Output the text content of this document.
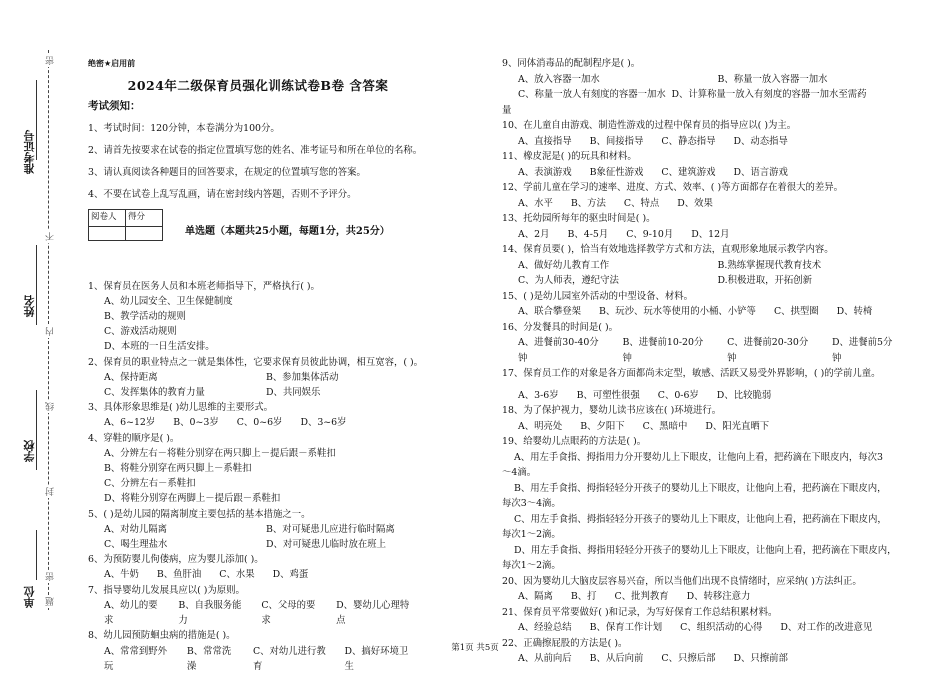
密
准考证号
不
姓名
内
线
学校
封
密
单位	题
绝密★启用前
2024年二级保育员强化训练试卷B卷 含答案
考试须知：

1、考试时间：120分钟，本卷满分为100分。

2、请首先按要求在试卷的指定位置填写您的姓名、准考证号和所在单位的名称。

3、请认真阅读各种题目的回答要求，在规定的位置填写您的答案。

4、不要在试卷上乱写乱画，请在密封线内答题，否则不予评分。

阅卷人	得分

单选题（本题共25小题，每题1分，共25分）
1、保育员在医务人员和本班老师指导下，严格执行( )。
A、幼儿园安全、卫生保健制度
B、教学活动的规则
C、游戏活动规则
D、本班的一日生活安排。
2、保育员的职业特点之一就是集体性，它要求保育员彼此协调，相互宽容，( )。
A、保持距离	B、参加集体活动
C、发挥集体的教育力量	D、共同娱乐
3、具体形象思维是( )幼儿思维的主要形式。
A、6~12岁 B、0~3岁 C、0~6岁 D、3~6岁
4、穿鞋的顺序是( )。
A、分辨左右－将鞋分别穿在两只脚上－提后跟－系鞋扣
B、将鞋分别穿在两只脚上－系鞋扣
C、分辨左右－系鞋扣
D、将鞋分别穿在两脚上－提后跟－系鞋扣
5、( )是幼儿园的隔离制度主要包括的基本措施之一。
A、对幼儿隔离	B、对可疑患儿应进行临时隔离
C、喝生理盐水	D、对可疑患儿临时放在班上
6、为预防婴儿佝偻病，应为婴儿添加( )。
A、牛奶 B、鱼肝油 C、水果 D、鸡蛋
7、指导婴幼儿发展具应以( )为原则。
A、幼儿的要求
B、自我服务能力
C、父母的要求
D、婴幼儿心理特点
8、幼儿园预防蛔虫病的措施是( )。
A、常常到野外玩
B、常常洗澡
C、对幼儿进行教育
D、搞好环境卫生
9、同体消毒品的配制程序是( )。
A、放入容器一加水	B、称量一放入容器一加水
C、称量一放人有刻度的容器一加水 D、计算称量一放入有刻度的容器一加水至需药
量
10、在儿童自由游戏、制造性游戏的过程中保育员的指导应以( )为主。
A、直接指导 B、间接指导 C、静态指导 D、动态指导
11、橡皮泥是( )的玩具和材料。
A、表演游戏 B象征性游戏 C、建筑游戏 D、语言游戏
12、学前儿童在学习的速率、进度、方式、效率、( )等方面都存在着很大的差异。
A、水平 B、方法 C、特点 D、效果
13、托幼园所每年的驱虫时间是( )。
A、2月 B、4-5月 C、9-10月 D、12月
14、保育员要( )，恰当有效地选择教学方式和方法，直观形象地展示教学内容。
A、做好幼儿教育工作	B.熟练掌握现代教育技术
C、为人师表，遵纪守法	D.积极进取，开拓创新
15、( )是幼儿园室外活动的中型设备、材料。
A、联合攀登架 B、玩沙、玩水等使用的小桶、小铲等 C、拱型圈 D、转椅
16、分发餐具的时间是( )。
A、进餐前30-40分钟
B、进餐前10-20分钟
C、进餐前20-30分钟
D、进餐前5分钟
17、保育员工作的对象是各方面都尚未定型，敏感、活跃又易受外界影响，( )的学前儿童。
A、3-6岁 B、可塑性很强 C、0-6岁 D、比较脆弱
18、为了保护视力，婴幼儿读书应该在( )环境进行。
A、明亮处 B、夕阳下 C、黑暗中 D、阳光直晒下
19、给婴幼儿点眼药的方法是( )。
A、用左手食指、拇指用力分开婴幼儿上下眼皮，让他向上看，把药滴在下眼皮内，每次3
～4滴。
B、用左手食指、拇指轻轻分开孩子的婴幼儿上下眼皮，让他向上看，把药滴在下眼皮内，
每次3～4滴。
C、用左手食指、拇指轻轻分开孩子的婴幼儿上下眼皮，让他向上看，把药滴在下眼皮内，
每次1～2滴。
D、用左手食指、拇指用轻轻分开孩子的婴幼儿上下眼皮，让他向上看，把药滴在下眼皮内，
每次1～2滴。
20、因为婴幼儿大脑皮层容易兴奋，所以当他们出现不良情绪时，应采纳( )方法纠正。
A、隔离 B、打 C、批判教育 D、转移注意力
21、保育员平常要做好( )和记录，为写好保育工作总结积累材料。
A、经验总结 B、保育工作计划 C、组织活动的心得 D、对工作的改进意见
22、正确擦屁股的方法是( )。
A、从前向后 B、从后向前 C、只擦后部 D、只擦前部
第1页 共5页
